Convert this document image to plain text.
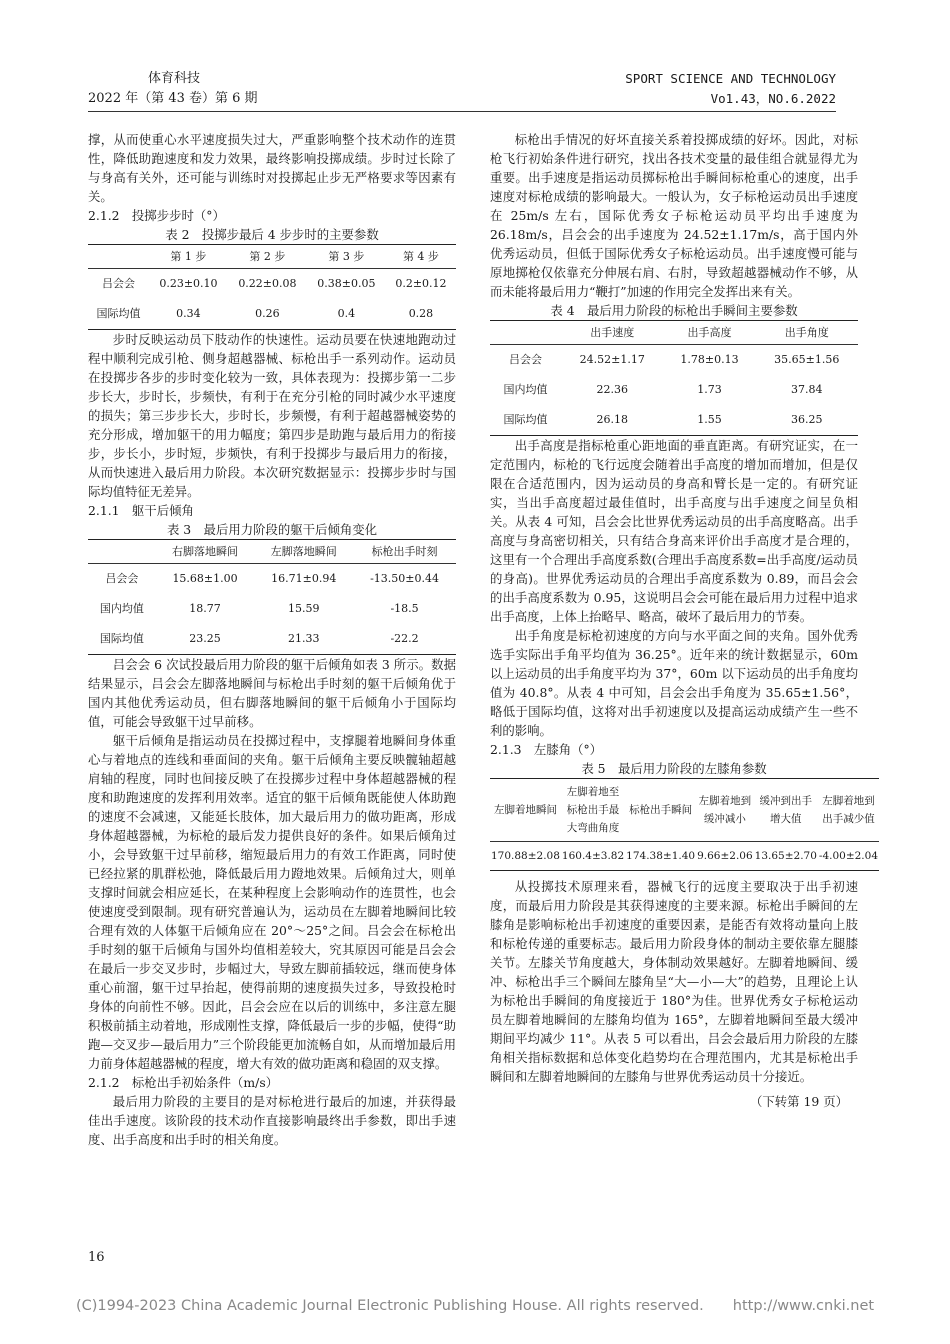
体育科技
2022 年（第 43 卷）第 6 期
SPORT SCIENCE AND TECHNOLOGY
Vo1.43，NO.6.2022

撑，从而使重心水平速度损失过大，严重影响整个技术动作的连贯性，降低助跑速度和发力效果，最终影响投掷成绩。步时过长除了与身高有关外，还可能与训练时对投掷起止步无严格要求等因素有关。

2.1.2　投掷步步时（°）
表 2　投掷步最后 4 步步时的主要参数
	第 1 步	第 2 步	第 3 步	第 4 步
吕会会	0.23±0.10	0.22±0.08	0.38±0.05	0.2±0.12
国际均值	0.34	0.26	0.4	0.28

步时反映运动员下肢动作的快速性。运动员要在快速地跑动过程中顺利完成引枪、侧身超越器械、标枪出手一系列动作。运动员在投掷步各步的步时变化较为一致，具体表现为：投掷步第一二步步长大，步时长，步频快，有利于在充分引枪的同时减少水平速度的损失；第三步步长大，步时长，步频慢，有利于超越器械姿势的充分形成，增加躯干的用力幅度；第四步是助跑与最后用力的衔接步，步长小，步时短，步频快，有利于投掷步与最后用力的衔接，从而快速进入最后用力阶段。本次研究数据显示：投掷步步时与国际均值特征无差异。

2.1.1　躯干后倾角
表 3　最后用力阶段的躯干后倾角变化
	右脚落地瞬间	左脚落地瞬间	标枪出手时刻
吕会会	15.68±1.00	16.71±0.94	-13.50±0.44
国内均值	18.77	15.59	-18.5
国际均值	23.25	21.33	-22.2

吕会会 6 次试投最后用力阶段的躯干后倾角如表 3 所示。数据结果显示，吕会会左脚落地瞬间与标枪出手时刻的躯干后倾角优于国内其他优秀运动员，但右脚落地瞬间的躯干后倾角小于国际均值，可能会导致躯干过早前移。

躯干后倾角是指运动员在投掷过程中，支撑腿着地瞬间身体重心与着地点的连线和垂面间的夹角。躯干后倾角主要反映髋轴超越肩轴的程度，同时也间接反映了在投掷步过程中身体超越器械的程度和助跑速度的发挥利用效率。适宜的躯干后倾角既能使人体助跑的速度不会减速，又能延长肢体，加大最后用力的做功距离，形成身体超越器械，为标枪的最后发力提供良好的条件。如果后倾角过小，会导致躯干过早前移，缩短最后用力的有效工作距离，同时使已经拉紧的肌群松弛，降低最后用力蹬地效果。后倾角过大，则单支撑时间就会相应延长，在某种程度上会影响动作的连贯性，也会使速度受到限制。现有研究普遍认为，运动员在左脚着地瞬间比较合理有效的人体躯干后倾角应在 20°～25°之间。吕会会在标枪出手时刻的躯干后倾角与国外均值相差较大，究其原因可能是吕会会在最后一步交叉步时，步幅过大，导致左脚前插较远，继而使身体重心前溜，躯干过早抬起，使得前期的速度损失过多，导致投枪时身体的向前性不够。因此，吕会会应在以后的训练中，多注意左腿积极前插主动着地，形成刚性支撑，降低最后一步的步幅，使得“助跑—交叉步—最后用力”三个阶段能更加流畅自如，从而增加最后用力前身体超越器械的程度，增大有效的做功距离和稳固的双支撑。

2.1.2　标枪出手初始条件（m/s）

最后用力阶段的主要目的是对标枪进行最后的加速，并获得最佳出手速度。该阶段的技术动作直接影响最终出手参数，即出手速度、出手高度和出手时的相关角度。

标枪出手情况的好坏直接关系着投掷成绩的好坏。因此，对标枪飞行初始条件进行研究，找出各技术变量的最佳组合就显得尤为重要。出手速度是指运动员掷标枪出手瞬间标枪重心的速度，出手速度对标枪成绩的影响最大。一般认为，女子标枪运动员出手速度在 25m/s 左右，国际优秀女子标枪运动员平均出手速度为 26.18m/s，吕会会的出手速度为 24.52±1.17m/s，高于国内外优秀运动员，但低于国际优秀女子标枪运动员。出手速度慢可能与原地掷枪仅依靠充分伸展右肩、右肘，导致超越器械动作不够，从而未能将最后用力“鞭打”加速的作用完全发挥出来有关。

表 4　最后用力阶段的标枪出手瞬间主要参数
	出手速度	出手高度	出手角度
吕会会	24.52±1.17	1.78±0.13	35.65±1.56
国内均值	22.36	1.73	37.84
国际均值	26.18	1.55	36.25

出手高度是指标枪重心距地面的垂直距离。有研究证实，在一定范围内，标枪的飞行远度会随着出手高度的增加而增加，但是仅限在合适范围内，因为运动员的身高和臂长是一定的。有研究证实，当出手高度超过最佳值时，出手高度与出手速度之间呈负相关。从表 4 可知，吕会会比世界优秀运动员的出手高度略高。出手高度与身高密切相关，只有结合身高来评价出手高度才是合理的，这里有一个合理出手高度系数(合理出手高度系数=出手高度/运动员的身高)。世界优秀运动员的合理出手高度系数为 0.89，而吕会会的出手高度系数为 0.95，这说明吕会会可能在最后用力过程中追求出手高度，上体上抬略早、略高，破坏了最后用力的节奏。

出手角度是标枪初速度的方向与水平面之间的夹角。国外优秀选手实际出手角平均值为 36.25°。近年来的统计数据显示，60m 以上运动员的出手角度平均为 37°，60m 以下运动员的出手角度均值为 40.8°。从表 4 中可知，吕会会出手角度为 35.65±1.56°，略低于国际均值，这将对出手初速度以及提高运动成绩产生一些不利的影响。

2.1.3　左膝角（°）
表 5　最后用力阶段的左膝角参数
左脚着地瞬间	左脚着地至标枪出手最大弯曲角度	标枪出手瞬间	左脚着地到缓冲减小	缓冲到出手增大值	左脚着地到出手减少值
170.88±2.08	160.4±3.82	174.38±1.40	9.66±2.06	13.65±2.70	-4.00±2.04

从投掷技术原理来看，器械飞行的远度主要取决于出手初速度，而最后用力阶段是其获得速度的主要来源。标枪出手瞬间的左膝角是影响标枪出手初速度的重要因素，是能否有效将动量向上肢和标枪传递的重要标志。最后用力阶段身体的制动主要依靠左腿膝关节。左膝关节角度越大，身体制动效果越好。左脚着地瞬间、缓冲、标枪出手三个瞬间左膝角呈“大—小—大”的趋势，且理论上认为标枪出手瞬间的角度接近于 180°为佳。世界优秀女子标枪运动员左脚着地瞬间的左膝角均值为 165°，左脚着地瞬间至最大缓冲期间平均减少 11°。从表 5 可以看出，吕会会最后用力阶段的左膝角相关指标数据和总体变化趋势均在合理范围内，尤其是标枪出手瞬间和左脚着地瞬间的左膝角与世界优秀运动员十分接近。

（下转第 19 页）
16
(C)1994-2023 China Academic Journal Electronic Publishing House. All rights reserved.　　http://www.cnki.net
